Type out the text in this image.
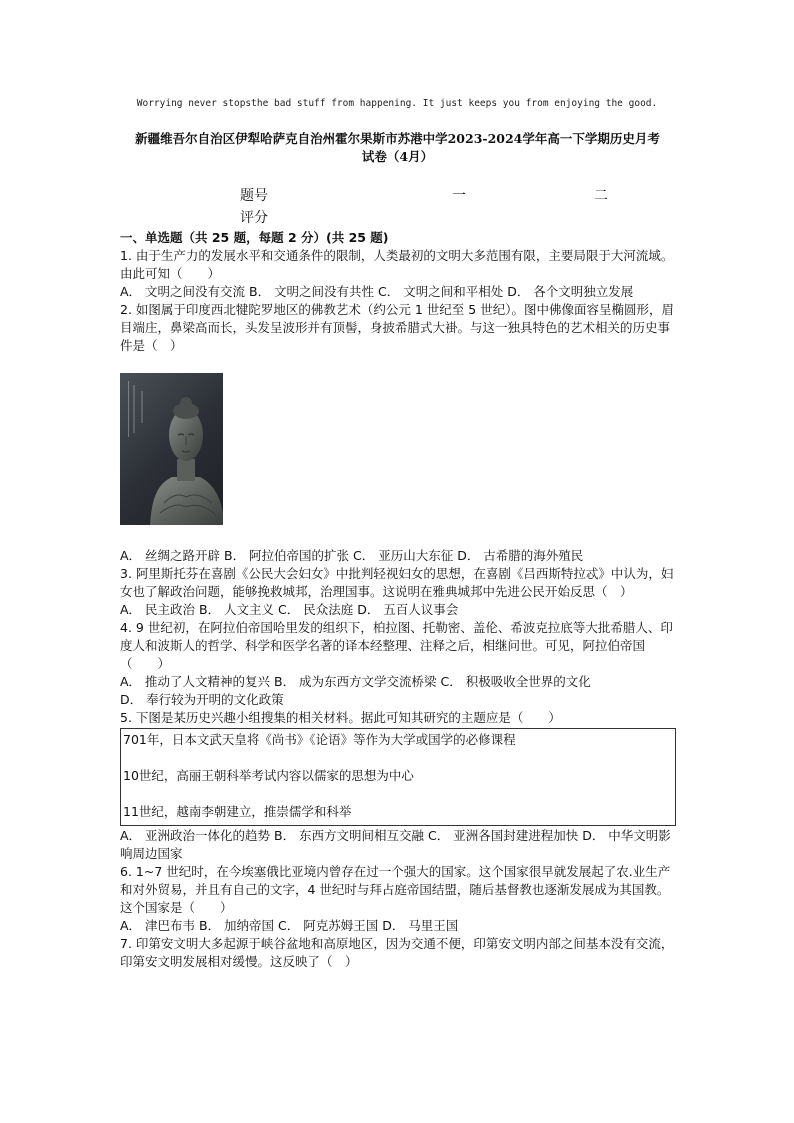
Worrying never stopsthe bad stuff from happening. It just keeps you from enjoying the good.
新疆维吾尔自治区伊犁哈萨克自治州霍尔果斯市苏港中学2023-2024学年高一下学期历史月考
试卷（4月）
题号	一	二
评分

一、单选题（共 25 题，每题 2 分）(共 25 题)

1. 由于生产力的发展水平和交通条件的限制，人类最初的文明大多范围有限，主要局限于大河流域。由此可知（　　）

A． 文明之间没有交流 B． 文明之间没有共性 C． 文明之间和平相处 D． 各个文明独立发展

2. 如图属于印度西北犍陀罗地区的佛教艺术（约公元 1 世纪至 5 世纪）。图中佛像面容呈椭圆形，眉目端庄，鼻梁高而长，头发呈波形并有顶髻，身披希腊式大褂。与这一独具特色的艺术相关的历史事件是（　）

A． 丝绸之路开辟 B． 阿拉伯帝国的扩张 C． 亚历山大东征 D． 古希腊的海外殖民

3. 阿里斯托芬在喜剧《公民大会妇女》中批判轻视妇女的思想，在喜剧《吕西斯特拉忒》中认为，妇女也了解政治问题，能够挽救城邦，治理国事。这说明在雅典城邦中先进公民开始反思（　）

A． 民主政治 B． 人文主义 C． 民众法庭 D． 五百人议事会

4. 9 世纪初，在阿拉伯帝国哈里发的组织下，柏拉图、托勒密、盖伦、希波克拉底等大批希腊人、印度人和波斯人的哲学、科学和医学名著的译本经整理、注释之后，相继问世。可见，阿拉伯帝国（　　）

A． 推动了人文精神的复兴 B． 成为东西方文学交流桥梁 C． 积极吸收全世界的文化

D． 奉行较为开明的文化政策

5. 下图是某历史兴趣小组搜集的相关材料。据此可知其研究的主题应是（　　）

701年，日本文武天皇将《尚书》《论语》等作为大学或国学的必修课程

10世纪，高丽王朝科举考试内容以儒家的思想为中心

11世纪，越南李朝建立，推崇儒学和科举

A． 亚洲政治一体化的趋势 B． 东西方文明间相互交融 C． 亚洲各国封建进程加快 D． 中华文明影响周边国家

6. 1~7 世纪时，在今埃塞俄比亚境内曾存在过一个强大的国家。这个国家很早就发展起了农.业生产和对外贸易，并且有自己的文字，4 世纪时与拜占庭帝国结盟，随后基督教也逐渐发展成为其国教。这个国家是（　　）

A． 津巴布韦 B． 加纳帝国 C． 阿克苏姆王国 D． 马里王国

7. 印第安文明大多起源于峡谷盆地和高原地区，因为交通不便，印第安文明内部之间基本没有交流，印第安文明发展相对缓慢。这反映了（　）
